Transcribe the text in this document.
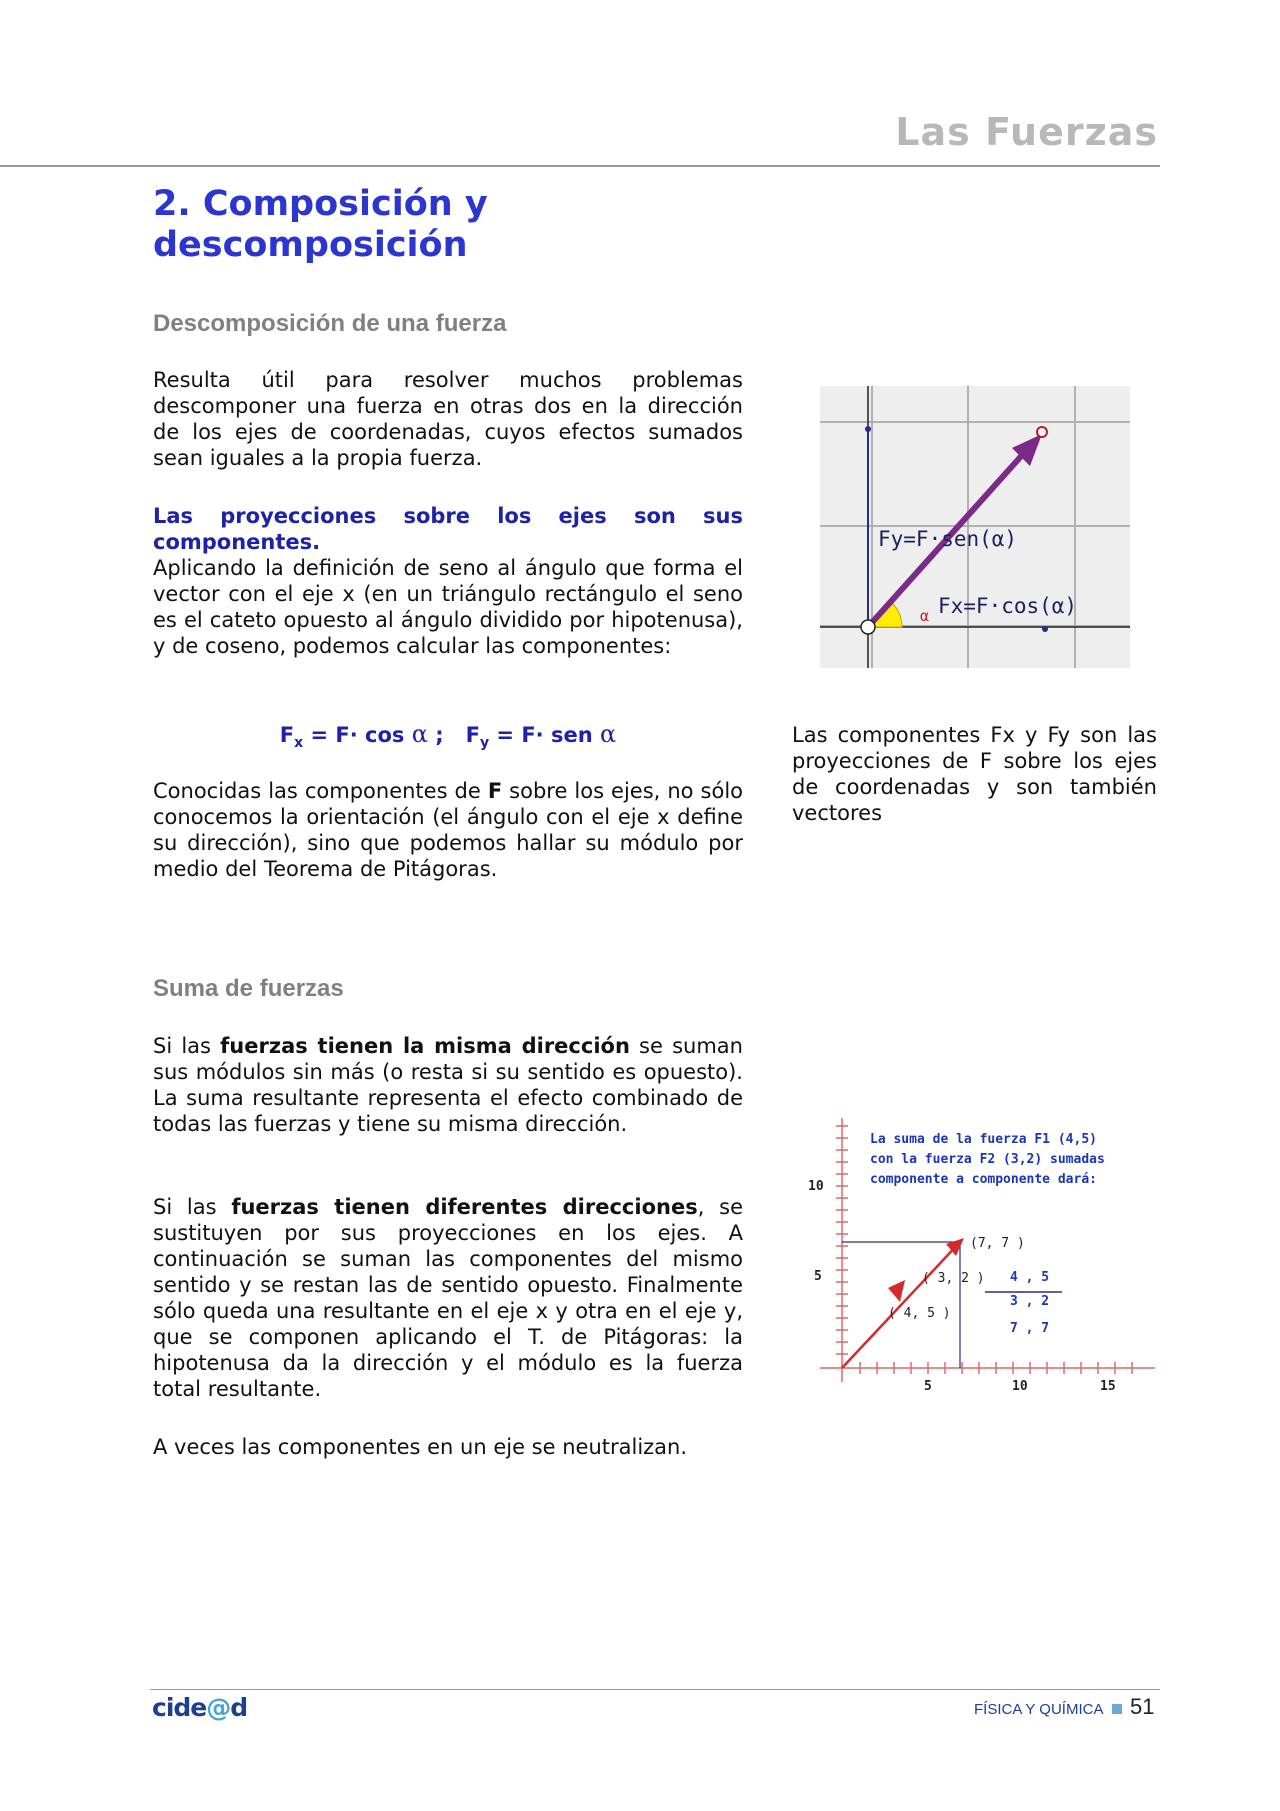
Las Fuerzas
2. Composición y descomposición
Descomposición de una fuerza
Resulta útil para resolver muchos problemas descomponer una fuerza en otras dos en la dirección de los ejes de coordenadas, cuyos efectos sumados sean iguales a la propia fuerza.
Las proyecciones sobre los ejes son sus componentes.
Aplicando la definición de seno al ángulo que forma el vector con el eje x (en un triángulo rectángulo el seno es el cateto opuesto al ángulo dividido por hipotenusa), y de coseno, podemos calcular las componentes:
$F_x = F\cdot \cos \alpha$ ;   $F_y = F\cdot$ sen α
Conocidas las componentes de F sobre los ejes, no sólo conocemos la orientación (el ángulo con el eje x define su dirección), sino que podemos hallar su módulo por medio del Teorema de Pitágoras.
Fy=F·sen(α)
Fx=F·cos(α)
α
Las componentes Fx y Fy son las proyecciones de F sobre los ejes de coordenadas y son también vectores
Suma de fuerzas
Si las fuerzas tienen la misma dirección se suman sus módulos sin más (o resta si su sentido es opuesto). La suma resultante representa el efecto combinado de todas las fuerzas y tiene su misma dirección.
Si las fuerzas tienen diferentes direcciones, se sustituyen por sus proyecciones en los ejes. A continuación se suman las componentes del mismo sentido y se restan las de sentido opuesto. Finalmente sólo queda una resultante en el eje x y otra en el eje y, que se componen aplicando el T. de Pitágoras: la hipotenusa da la dirección y el módulo es la fuerza total resultante.
A veces las componentes en un eje se neutralizan.
La suma de la fuerza F1 (4,5)
con la fuerza F2 (3,2) sumadas
componente a componente dará:
10
5
5	10	15
(7, 7 )
( 3, 2 )
( 4, 5 )
4 , 5
3 , 2
7 , 7
cide@d	FÍSICA Y QUÍMICA 51
